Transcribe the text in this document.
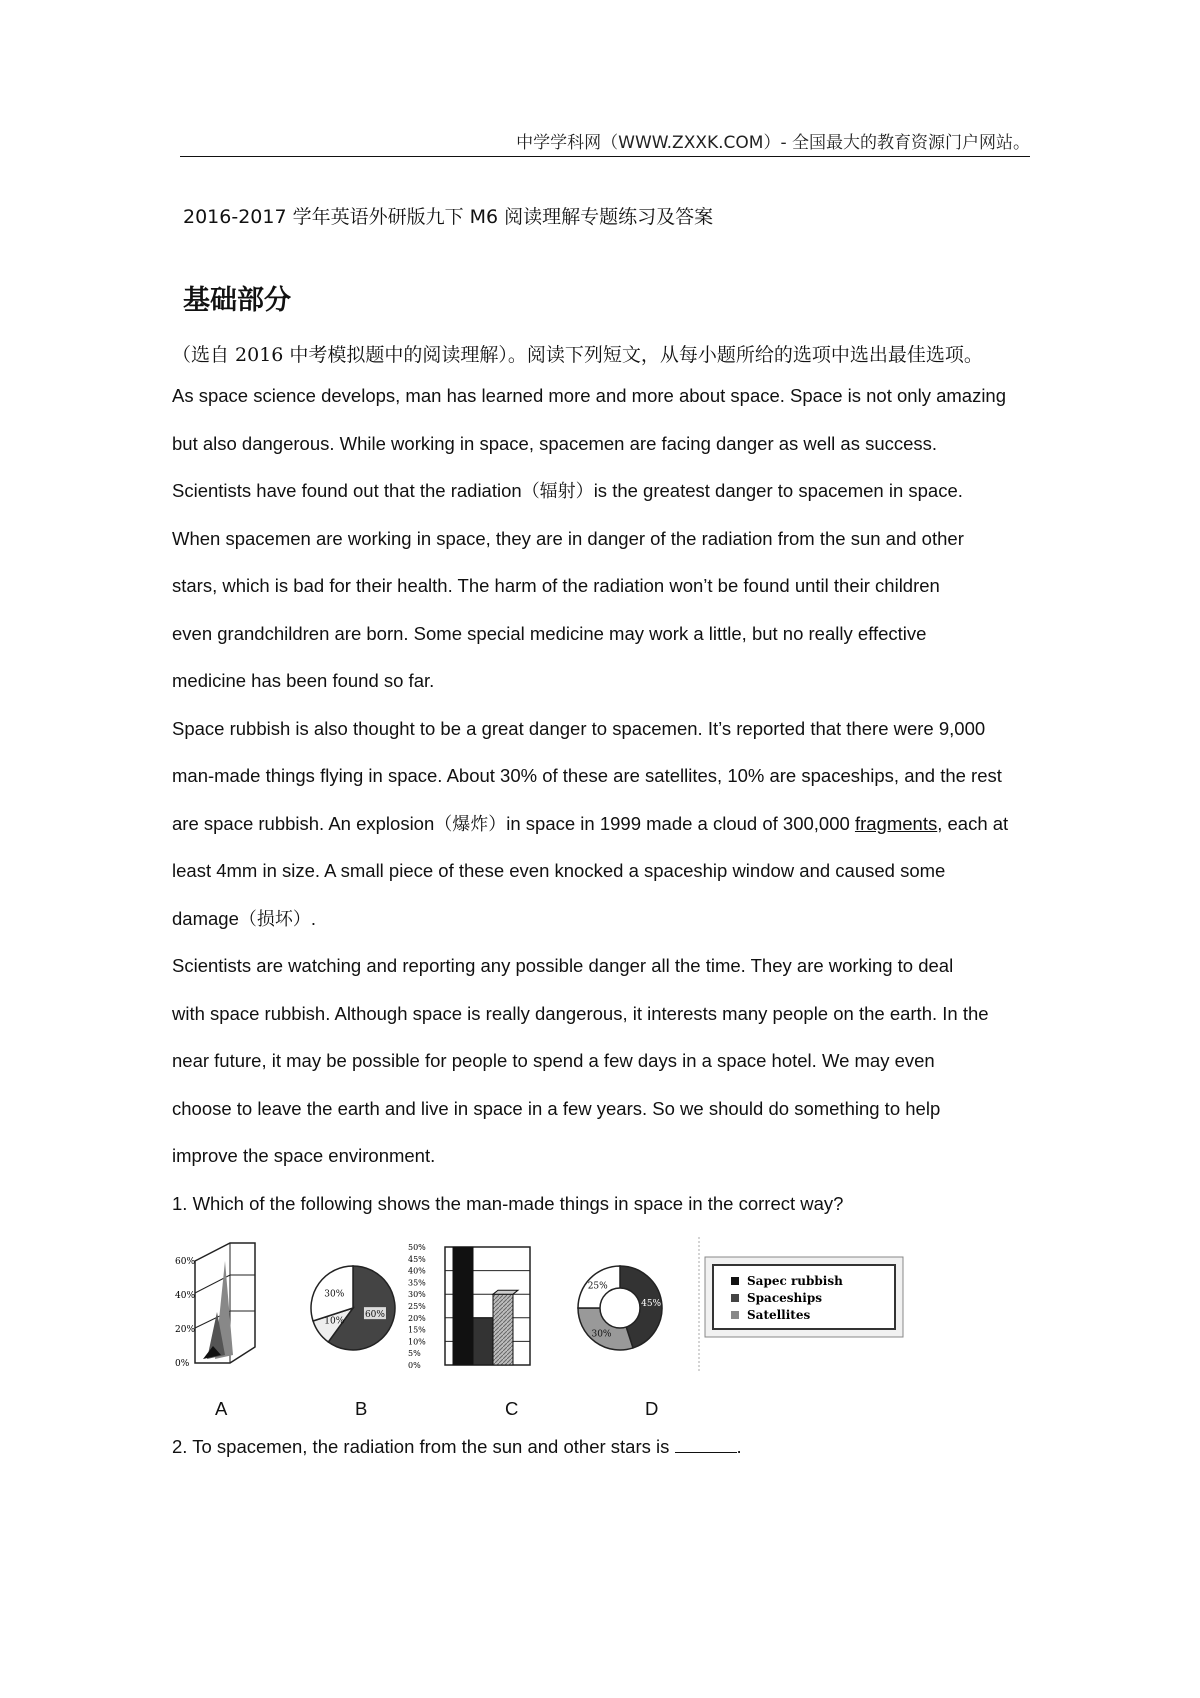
中学学科网（WWW.ZXXK.COM）- 全国最大的教育资源门户网站。
2016-2017 学年英语外研版九下 M6 阅读理解专题练习及答案
基础部分
（选自 2016 中考模拟题中的阅读理解）。阅读下列短文，从每小题所给的选项中选出最佳选项。
As space science develops, man has learned more and more about space. Space is not only amazing
but also dangerous. While working in space, spacemen are facing danger as well as success.
Scientists have found out that the radiation（辐射）is the greatest danger to spacemen in space.
When spacemen are working in space, they are in danger of the radiation from the sun and other
stars, which is bad for their health. The harm of the radiation won’t be found until their children
even grandchildren are born. Some special medicine may work a little, but no really effective
medicine has been found so far.
Space rubbish is also thought to be a great danger to spacemen. It’s reported that there were 9,000
man-made things flying in space. About 30% of these are satellites, 10% are spaceships, and the rest
are space rubbish. An explosion（爆炸）in space in 1999 made a cloud of 300,000 fragments, each at
least 4mm in size. A small piece of these even knocked a spaceship window and caused some
damage（损坏）.
Scientists are watching and reporting any possible danger all the time. They are working to deal
with space rubbish. Although space is really dangerous, it interests many people on the earth. In the
near future, it may be possible for people to spend a few days in a space hotel. We may even
choose to leave the earth and live in space in a few years. So we should do something to help
improve the space environment.
1. Which of the following shows the man-made things in space in the correct way?
60%
40%
20%
0%
60%
10%
30%
50%
45%
40%
35%
30%
25%
20%
15%
10%
5%
0%
45%
30%
25%	Sapec rubbish
Spaceships
Satellites
A	B	C	D
2. To spacemen, the radiation from the sun and other stars is	.
